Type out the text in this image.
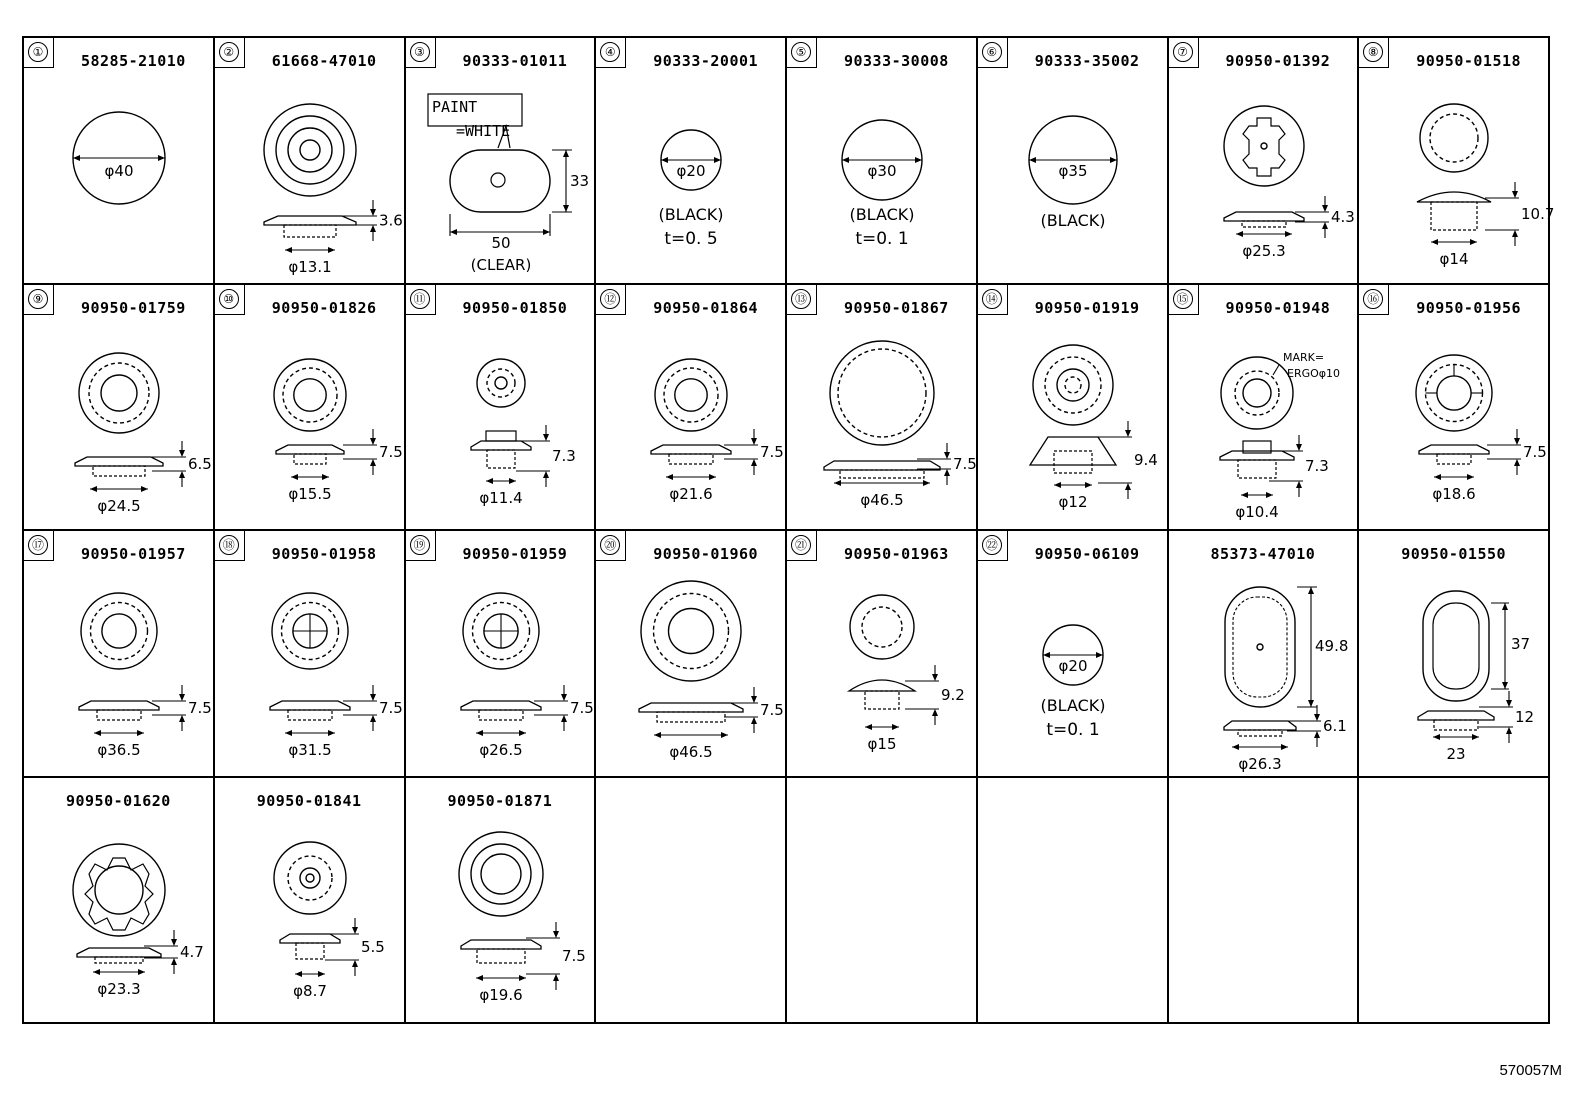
①	58285-21010
φ40
②	61668-47010
3.6
φ13.1
③	90333-01011
PAINT
=WHITE
33
50
(CLEAR)
④	90333-20001
φ20
(BLACK)
t=0. 5
⑤	90333-30008
φ30
(BLACK)
t=0. 1
⑥	90333-35002
φ35
(BLACK)
⑦	90950-01392
4.3
φ25.3
⑧	90950-01518
10.7
φ14
⑨	90950-01759
6.5
φ24.5
⑩	90950-01826
7.5
φ15.5
⑪	90950-01850
7.3
φ11.4
⑫	90950-01864
7.5
φ21.6
⑬	90950-01867
7.5
φ46.5
⑭	90950-01919
9.4
φ12
⑮	90950-01948
MARK=
ERGOφ10
7.3
φ10.4
⑯	90950-01956
7.5
φ18.6
⑰	90950-01957
7.5
φ36.5
⑱	90950-01958
7.5
φ31.5
⑲	90950-01959
7.5
φ26.5
⑳	90950-01960
7.5
φ46.5
㉑	90950-01963
9.2
φ15
㉒	90950-06109
φ20
(BLACK)
t=0. 1
85373-47010
49.8
6.1
φ26.3
90950-01550
37
12
23
90950-01620
4.7
φ23.3
90950-01841
5.5
φ8.7
90950-01871
7.5
φ19.6
570057M
